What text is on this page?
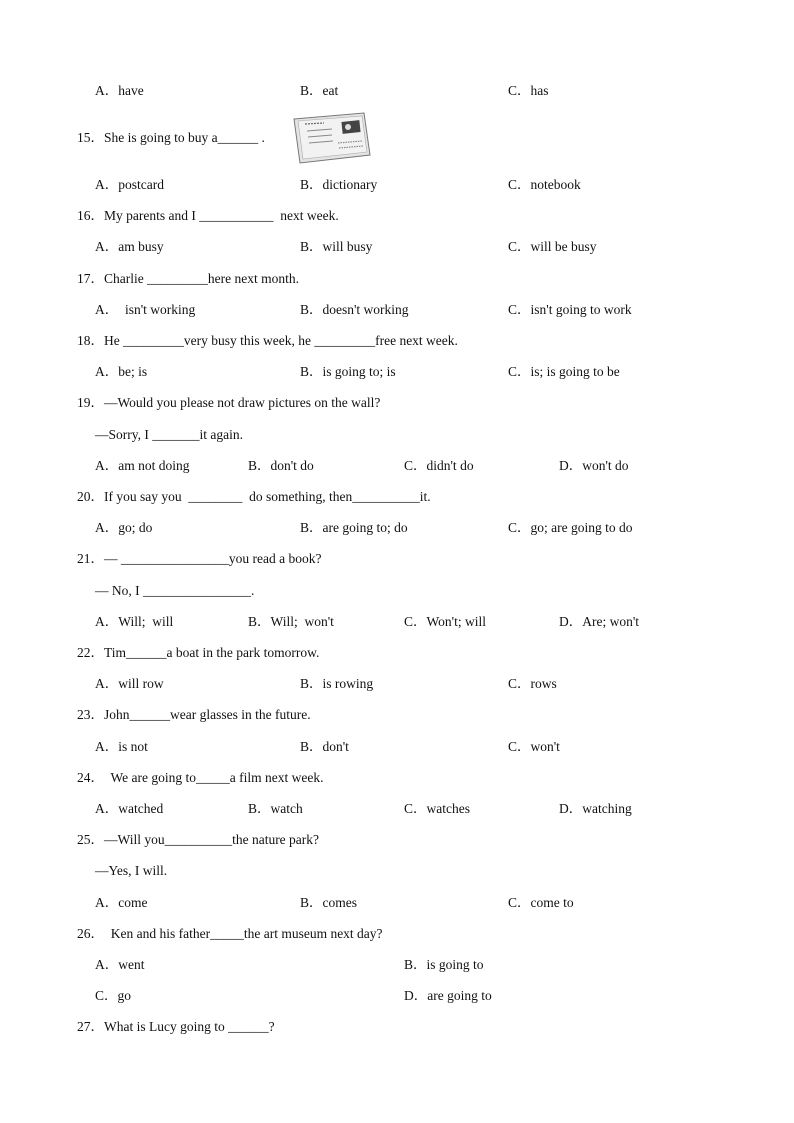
A．have	B．eat	C．has
15．She is going to buy a______ .
A．postcard	B．dictionary	C．notebook
16．My parents and I ___________  next week.
A．am busy	B．will busy	C．will be busy
17．Charlie _________here next month.
A．  isn't working	B．doesn't working	C．isn't going to work
18．He _________very busy this week, he _________free next week.
A．be; is	B．is going to; is	C．is; is going to be
19．—Would you please not draw pictures on the wall?
—Sorry, I _______it again.
A．am not doing	B．don't do	C．didn't do	D．won't do
20．If you say you  ________  do something, then__________it.
A．go; do	B．are going to; do	C．go; are going to do
21．— ________________you read a book?
— No, I ________________.
A．Will;  will	B．Will;  won't	C．Won't; will	D．Are; won't
22．Tim______a boat in the park tomorrow.
A．will row	B．is rowing	C．rows
23．John______wear glasses in the future.
A．is not	B．don't	C．won't
24．  We are going to_____a film next week.
A．watched	B．watch	C．watches	D．watching
25．—Will you__________the nature park?
—Yes, I will.
A．come	B．comes	C．come to
26．  Ken and his father_____the art museum next day?
A．went	B．is going to
C．go	D．are going to
27．What is Lucy going to ______?
